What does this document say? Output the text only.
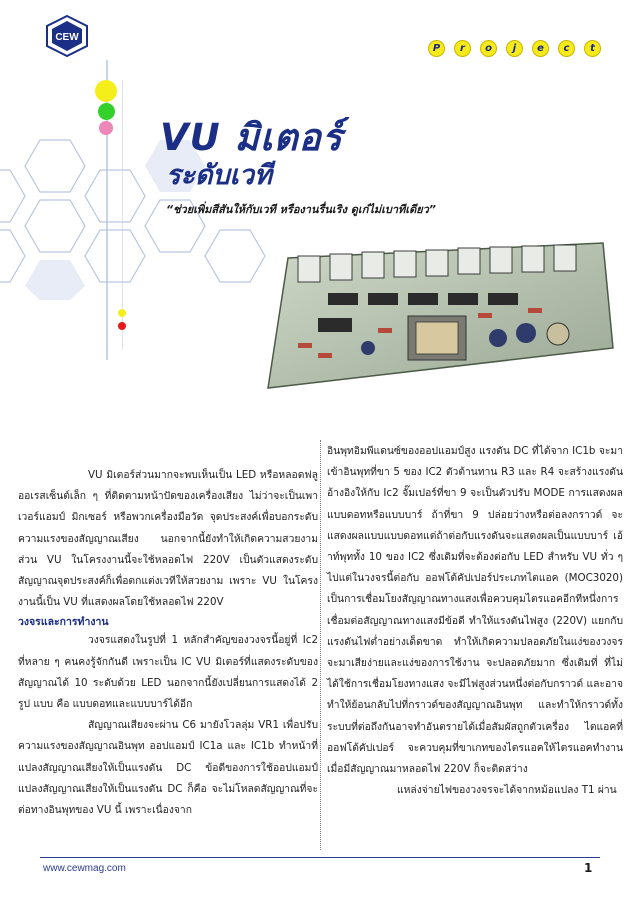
CEW
P	r	o	j	e	c	t
VU มิเตอร์
ระดับเวที
“ช่วยเพิ่มสีสันให้กับเวที หรืองานรื่นเริง ดูเก๋ไม่เบาทีเดียว”

VU มิเตอร์ส่วนมากจะพบเห็นเป็น LED หรือหลอดฟลูออเรสเซ็นต์เล็ก ๆ ที่ติดตามหน้าปัดของเครื่องเสียง ไม่ว่าจะเป็นเพาเวอร์แอมป์ มิกเซอร์ หรือพวกเครื่องมือวัด จุดประสงค์เพื่อบอกระดับความแรงของสัญญาณเสียง นอกจากนี้ยังทำให้เกิดความสวยงาม ส่วน VU ในโครงงานนี้จะใช้หลอดไฟ 220V เป็นตัวแสดงระดับสัญญาณจุดประสงค์ก็เพื่อตกแต่งเวทีให้สวยงาม เพราะ VU ในโครงงานนี้เป็น VU ที่แสดงผลโดยใช้หลอดไฟ 220V

วงจรและการทำงาน

วงจรแสดงในรูปที่ 1 หลักสำคัญของวงจรนี้อยู่ที่ Ic2 ที่หลาย ๆ คนคงรู้จักกันดี เพราะเป็น IC VU มิเตอร์ที่แสดงระดับของสัญญาณได้ 10 ระดับด้วย LED นอกจากนี้ยังเปลี่ยนการแสดงได้ 2 รูป แบบ คือ แบบดอทและแบบบาร์ได้อีก

สัญญาณเสียงจะผ่าน C6 มายังโวลลุ่ม VR1 เพื่อปรับความแรงของสัญญาณอินพุท ออปแอมป์ IC1a และ IC1b ทำหน้าที่แปลงสัญญาณเสียงให้เป็นแรงดัน DC ข้อดีของการใช้ออปแอมป์แปลงสัญญาณเสียงให้เป็นแรงดัน DC ก็คือ จะไม่โหลดสัญญาณที่จะต่อทางอินพุทของ VU นี้ เพราะเนื่องจาก

อินพุทอิมพีแดนซ์ของออปแอมป์สูง แรงดัน DC ที่ได้จาก IC1b จะมาเข้าอินพุทที่ขา 5 ของ IC2 ตัวต้านทาน R3 และ R4 จะสร้างแรงดันอ้างอิงให้กับ Ic2 จั๊มเปอร์ที่ขา 9 จะเป็นตัวปรับ MODE การแสดงผลแบบดอทหรือแบบบาร์ ถ้าที่ขา 9 ปล่อยว่างหรือต่อลงกราวด์ จะแสดงผลแบบแบบดอทแต่ถ้าต่อกับแรงดันจะแสดงผลเป็นแบบบาร์ เอ้าท์พุททั้ง 10 ของ IC2 ซึ่งเดิมที่จะต้องต่อกับ LED สำหรับ VU ทั่ว ๆ ไปแต่ในวงจรนี้ต่อกับ ออฟโต้คัปเปอร์ประเภทไตแอค (MOC3020) เป็นการเชื่อมโยงสัญญาณทางแสงเพื่อควบคุมไตรแอคอีกทีหนึ่งการเชื่อมต่อสัญญาณทางแสงมีข้อดี ทำให้แรงดันไฟสูง (220V) แยกกับแรงดันไฟต่ำอย่างเด็ดขาด ทำให้เกิดความปลอดภัยในแง่ของวงจรจะมาเสียง่ายและแง่ของการใช้งาน จะปลอดภัยมาก ซึ่งเดิมที่ ที่ไม่ได้ใช้การเชื่อมโยงทางแสง จะมีไฟสูงส่วนหนึ่งต่อกับกราวด์ และอาจทำให้ย้อนกลับไปที่กราวด์ของสัญญาณอินพุท และทำให้กราวด์ทั้งระบบที่ต่อถึงกันอาจทำอันตรายได้เมื่อสัมผัสถูกตัวเครื่อง ไตแอคที่ออฟโต้คัปเปอร์ จะควบคุมที่ขาเกทของไตรแอคให้ไตรแอคทำงานเมื่อมีสัญญาณมาหลอดไฟ 220V ก็จะติดสว่าง

แหล่งจ่ายไฟของวงจรจะได้จากหม้อแปลง T1 ผ่าน

www.cewmag.com	1
